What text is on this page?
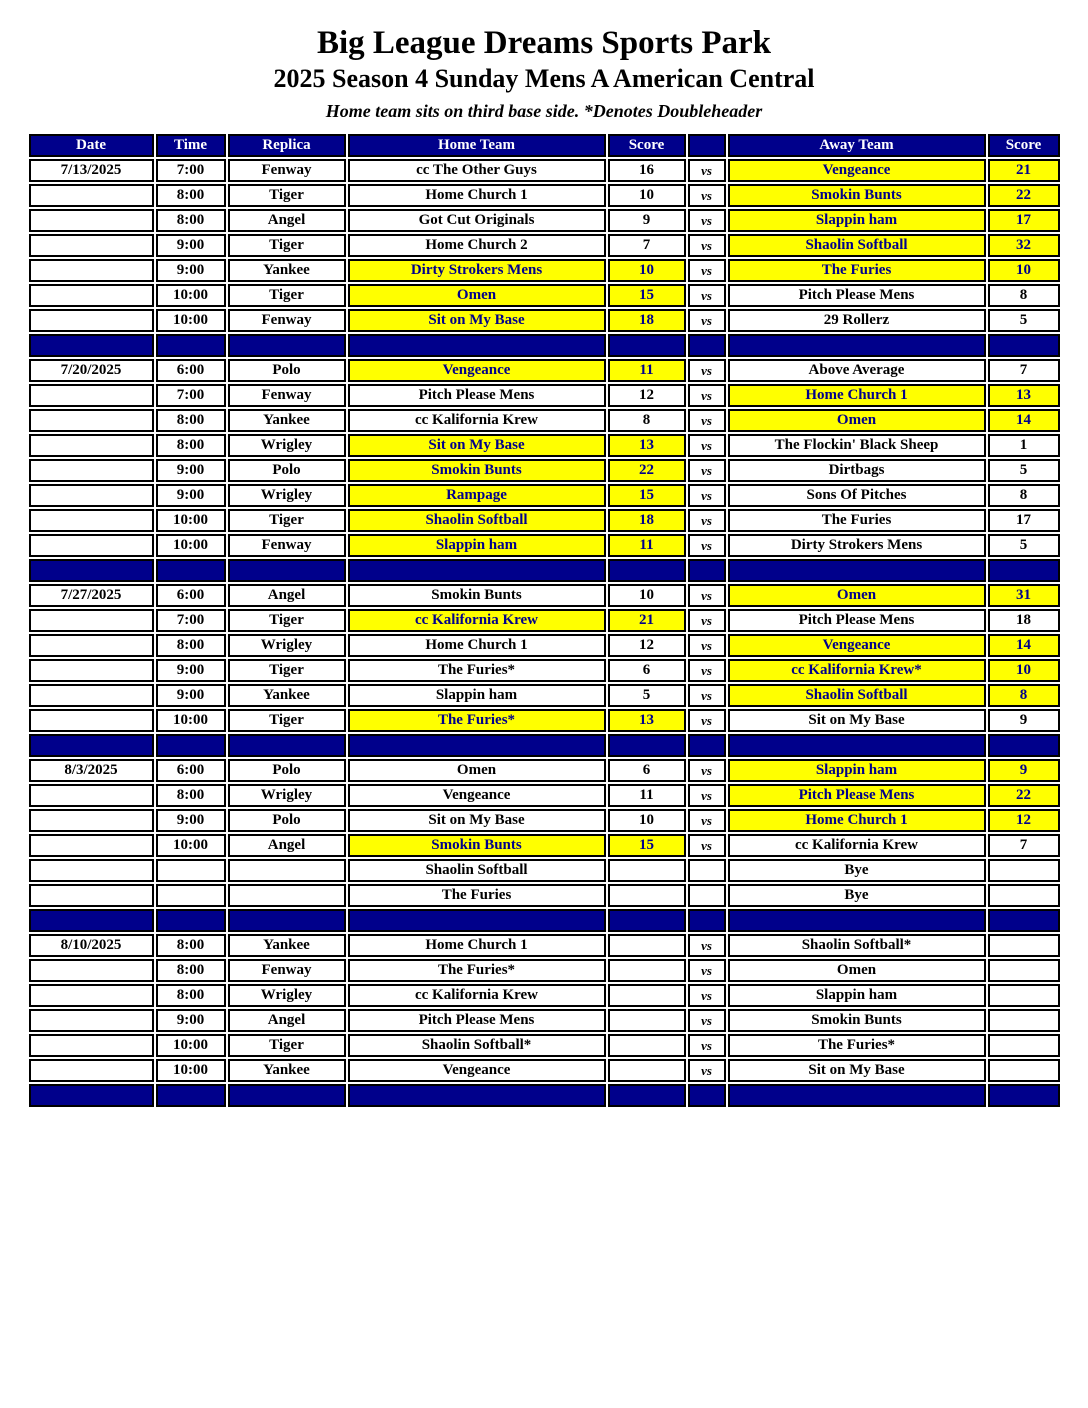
Big League Dreams Sports Park
2025 Season 4 Sunday Mens A American Central

Home team sits on third base side. *Denotes Doubleheader

Date	Time	Replica	Home Team	Score		Away Team	Score
7/13/2025	7:00	Fenway	cc The Other Guys	16	vs	Vengeance	21
	8:00	Tiger	Home Church 1	10	vs	Smokin Bunts	22
	8:00	Angel	Got Cut Originals	9	vs	Slappin ham	17
	9:00	Tiger	Home Church 2	7	vs	Shaolin Softball	32
	9:00	Yankee	Dirty Strokers Mens	10	vs	The Furies	10
	10:00	Tiger	Omen	15	vs	Pitch Please Mens	8
	10:00	Fenway	Sit on My Base	18	vs	29 Rollerz	5

7/20/2025	6:00	Polo	Vengeance	11	vs	Above Average	7
	7:00	Fenway	Pitch Please Mens	12	vs	Home Church 1	13
	8:00	Yankee	cc Kalifornia Krew	8	vs	Omen	14
	8:00	Wrigley	Sit on My Base	13	vs	The Flockin' Black Sheep	1
	9:00	Polo	Smokin Bunts	22	vs	Dirtbags	5
	9:00	Wrigley	Rampage	15	vs	Sons Of Pitches	8
	10:00	Tiger	Shaolin Softball	18	vs	The Furies	17
	10:00	Fenway	Slappin ham	11	vs	Dirty Strokers Mens	5

7/27/2025	6:00	Angel	Smokin Bunts	10	vs	Omen	31
	7:00	Tiger	cc Kalifornia Krew	21	vs	Pitch Please Mens	18
	8:00	Wrigley	Home Church 1	12	vs	Vengeance	14
	9:00	Tiger	The Furies*	6	vs	cc Kalifornia Krew*	10
	9:00	Yankee	Slappin ham	5	vs	Shaolin Softball	8
	10:00	Tiger	The Furies*	13	vs	Sit on My Base	9

8/3/2025	6:00	Polo	Omen	6	vs	Slappin ham	9
	8:00	Wrigley	Vengeance	11	vs	Pitch Please Mens	22
	9:00	Polo	Sit on My Base	10	vs	Home Church 1	12
	10:00	Angel	Smokin Bunts	15	vs	cc Kalifornia Krew	7
			Shaolin Softball			Bye	
			The Furies			Bye	

8/10/2025	8:00	Yankee	Home Church 1		vs	Shaolin Softball*	
	8:00	Fenway	The Furies*		vs	Omen	
	8:00	Wrigley	cc Kalifornia Krew		vs	Slappin ham	
	9:00	Angel	Pitch Please Mens		vs	Smokin Bunts	
	10:00	Tiger	Shaolin Softball*		vs	The Furies*	
	10:00	Yankee	Vengeance		vs	Sit on My Base	
